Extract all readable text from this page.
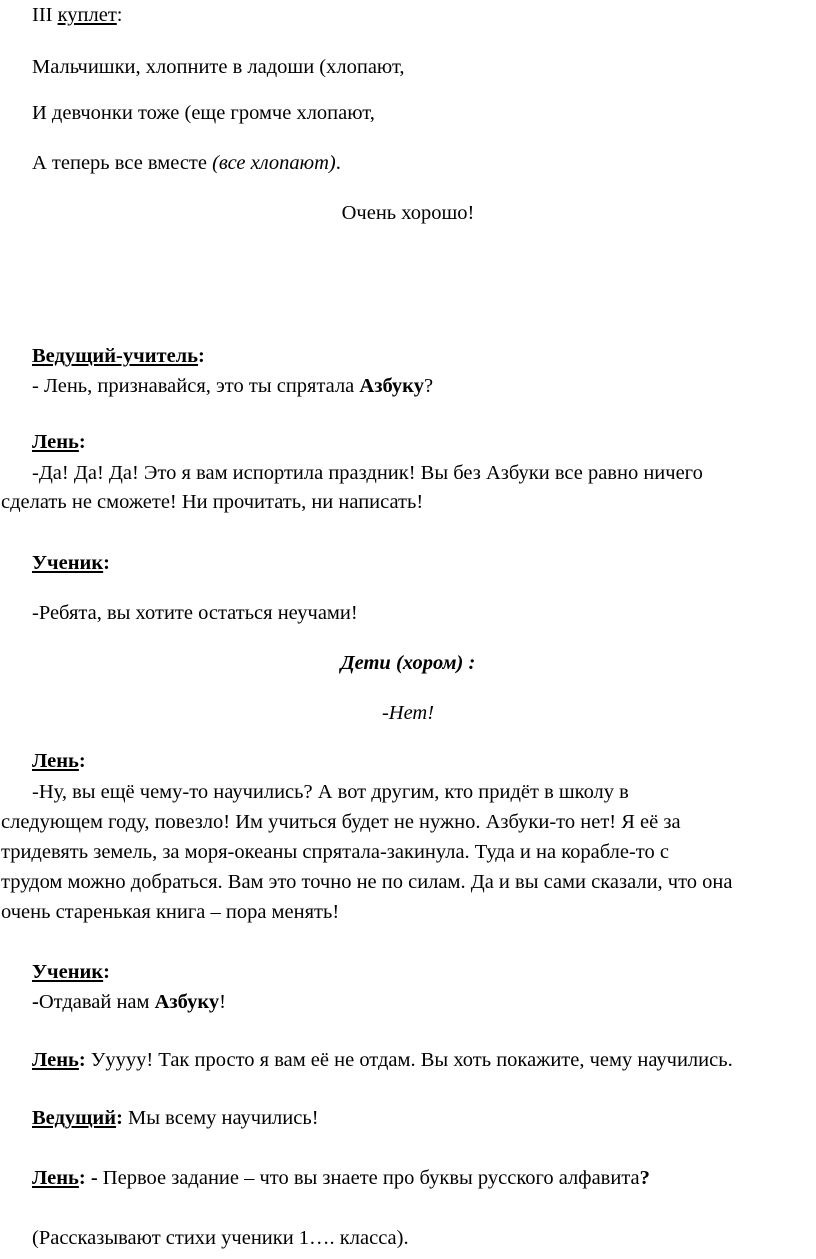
III куплет:
Мальчишки, хлопните в ладоши (хлопают,
И девчонки тоже (еще громче хлопают,
А теперь все вместе (все хлопают).
Очень хорошо!
Ведущий-учитель:
- Лень, признавайся, это ты спрятала Азбуку?
Лень:
-Да! Да! Да! Это я вам испортила праздник! Вы без Азбуки все равно ничего
сделать не сможете! Ни прочитать, ни написать!
Ученик:
-Ребята, вы хотите остаться неучами!
Дети (хором) :
-Нет!
Лень:
-Ну, вы ещё чему-то научились? А вот другим, кто придёт в школу в
следующем году, повезло! Им учиться будет не нужно. Азбуки-то нет! Я её за
тридевять земель, за моря-океаны спрятала-закинула. Туда и на корабле-то с
трудом можно добраться. Вам это точно не по силам. Да и вы сами сказали, что она
очень старенькая книга – пора менять!
Ученик:
-Отдавай нам Азбуку!
Лень: Ууууу! Так просто я вам её не отдам. Вы хоть покажите, чему научились.
Ведущий: Мы всему научились!
Лень: - Первое задание – что вы знаете про буквы русского алфавита?
(Рассказывают стихи ученики 1…. класса).
